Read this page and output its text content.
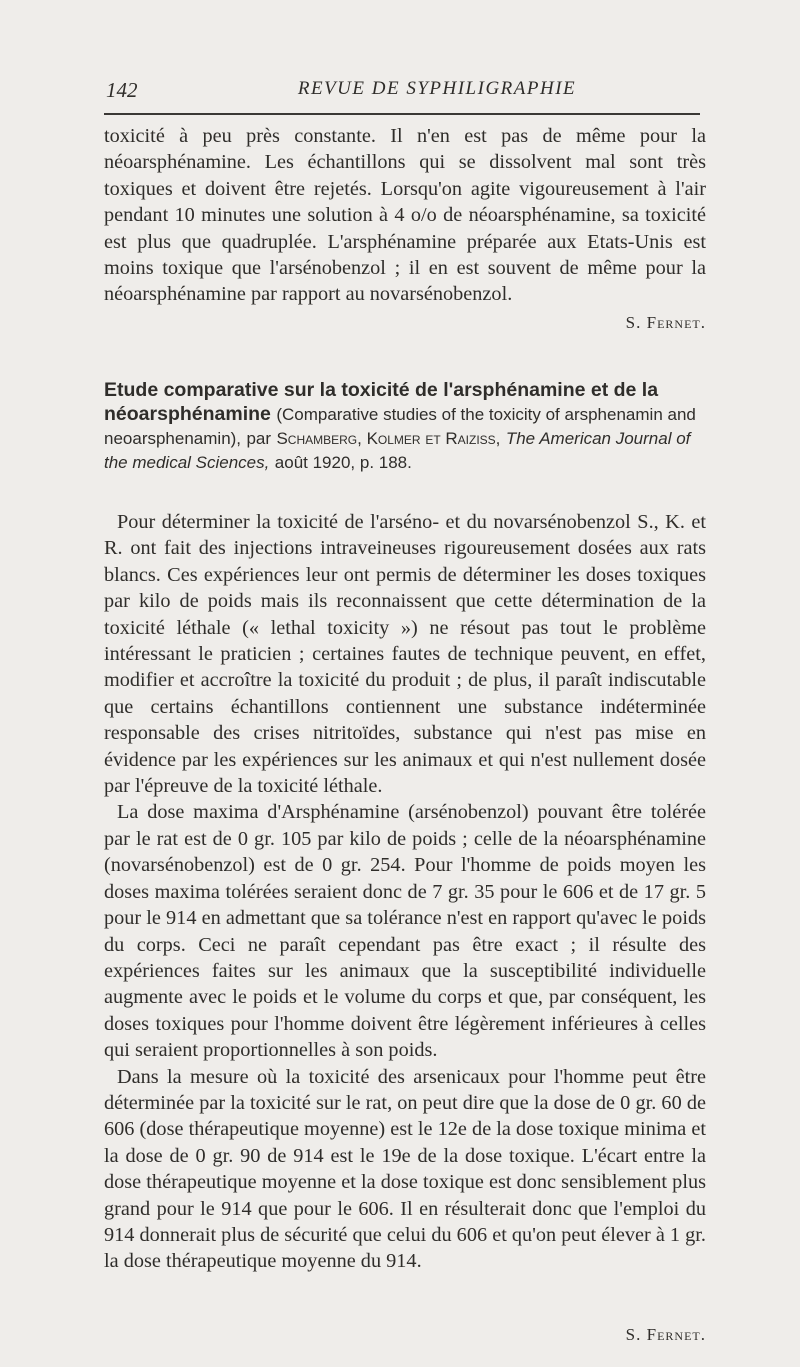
142	REVUE DE SYPHILIGRAPHIE

toxicité à peu près constante. Il n'en est pas de même pour la néoarsphénamine. Les échantillons qui se dissolvent mal sont très toxiques et doivent être rejetés. Lorsqu'on agite vigoureusement à l'air pendant 10 minutes une solution à 4 o/o de néoarsphénamine, sa toxicité est plus que quadruplée. L'arsphénamine préparée aux Etats-Unis est moins toxique que l'arsénobenzol ; il en est souvent de même pour la néoarsphénamine par rapport au novarsénobenzol.

S. Fernet.
Etude comparative sur la toxicité de l'arsphénamine et de la néoarsphénamine (Comparative studies of the toxicity of arsphenamin and neoarsphenamin), par Schamberg, Kolmer et Raiziss, The American Journal of the medical Sciences, août 1920, p. 188.

Pour déterminer la toxicité de l'arséno- et du novarsénobenzol S., K. et R. ont fait des injections intraveineuses rigoureusement dosées aux rats blancs. Ces expériences leur ont permis de déterminer les doses toxiques par kilo de poids mais ils reconnaissent que cette détermination de la toxicité léthale (« lethal toxicity ») ne résout pas tout le problème intéressant le praticien ; certaines fautes de technique peuvent, en effet, modifier et accroître la toxicité du produit ; de plus, il paraît indiscutable que certains échantillons contiennent une substance indéterminée responsable des crises nitritoïdes, substance qui n'est pas mise en évidence par les expériences sur les animaux et qui n'est nullement dosée par l'épreuve de la toxicité léthale.

La dose maxima d'Arsphénamine (arsénobenzol) pouvant être tolérée par le rat est de 0 gr. 105 par kilo de poids ; celle de la néoarsphénamine (novarsénobenzol) est de 0 gr. 254. Pour l'homme de poids moyen les doses maxima tolérées seraient donc de 7 gr. 35 pour le 606 et de 17 gr. 5 pour le 914 en admettant que sa tolérance n'est en rapport qu'avec le poids du corps. Ceci ne paraît cependant pas être exact ; il résulte des expériences faites sur les animaux que la susceptibilité individuelle augmente avec le poids et le volume du corps et que, par conséquent, les doses toxiques pour l'homme doivent être légèrement inférieures à celles qui seraient proportionnelles à son poids.

Dans la mesure où la toxicité des arsenicaux pour l'homme peut être déterminée par la toxicité sur le rat, on peut dire que la dose de 0 gr. 60 de 606 (dose thérapeutique moyenne) est le 12e de la dose toxique minima et la dose de 0 gr. 90 de 914 est le 19e de la dose toxique. L'écart entre la dose thérapeutique moyenne et la dose toxique est donc sensiblement plus grand pour le 914 que pour le 606. Il en résulterait donc que l'emploi du 914 donnerait plus de sécurité que celui du 606 et qu'on peut élever à 1 gr. la dose thérapeutique moyenne du 914.

S. Fernet.
